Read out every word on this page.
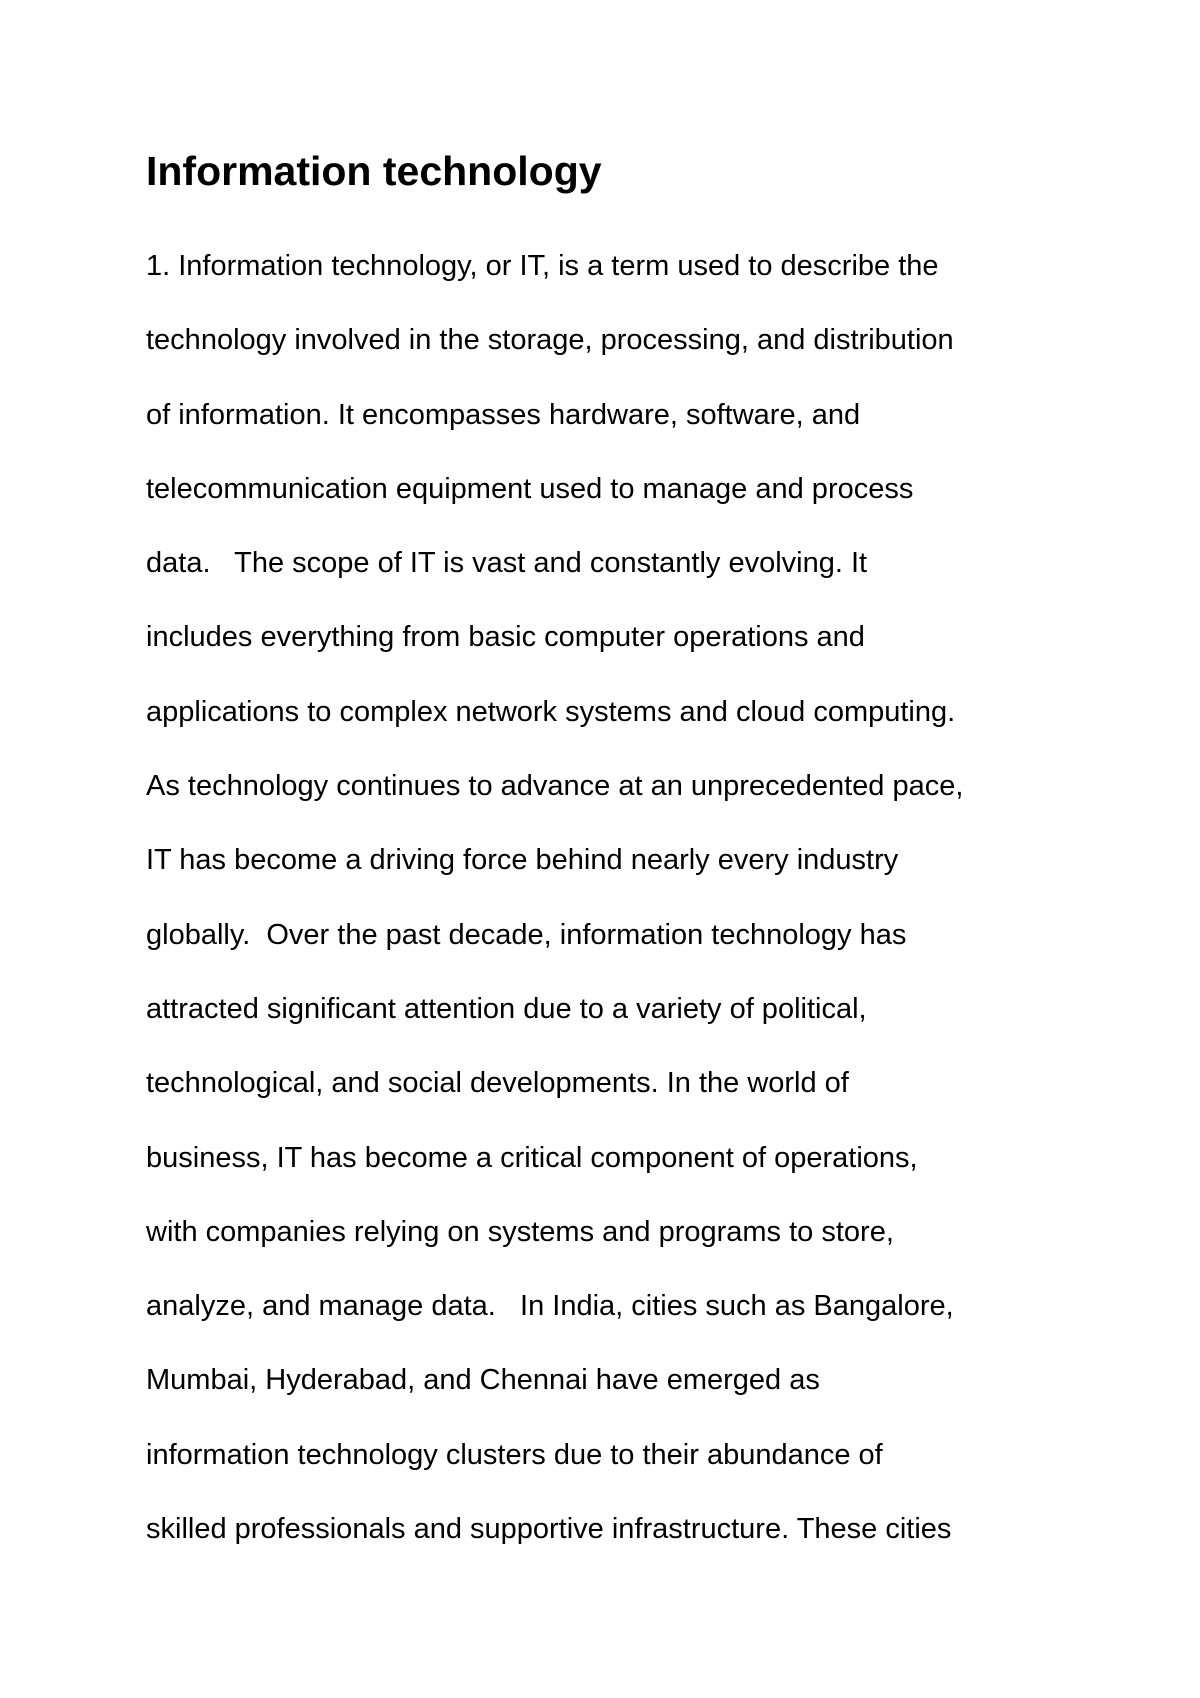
Information technology
1. Information technology, or IT, is a term used to describe the
technology involved in the storage, processing, and distribution
of information. It encompasses hardware, software, and
telecommunication equipment used to manage and process
data.   The scope of IT is vast and constantly evolving. It
includes everything from basic computer operations and
applications to complex network systems and cloud computing.
As technology continues to advance at an unprecedented pace,
IT has become a driving force behind nearly every industry
globally.  Over the past decade, information technology has
attracted significant attention due to a variety of political,
technological, and social developments. In the world of
business, IT has become a critical component of operations,
with companies relying on systems and programs to store,
analyze, and manage data.   In India, cities such as Bangalore,
Mumbai, Hyderabad, and Chennai have emerged as
information technology clusters due to their abundance of
skilled professionals and supportive infrastructure. These cities
